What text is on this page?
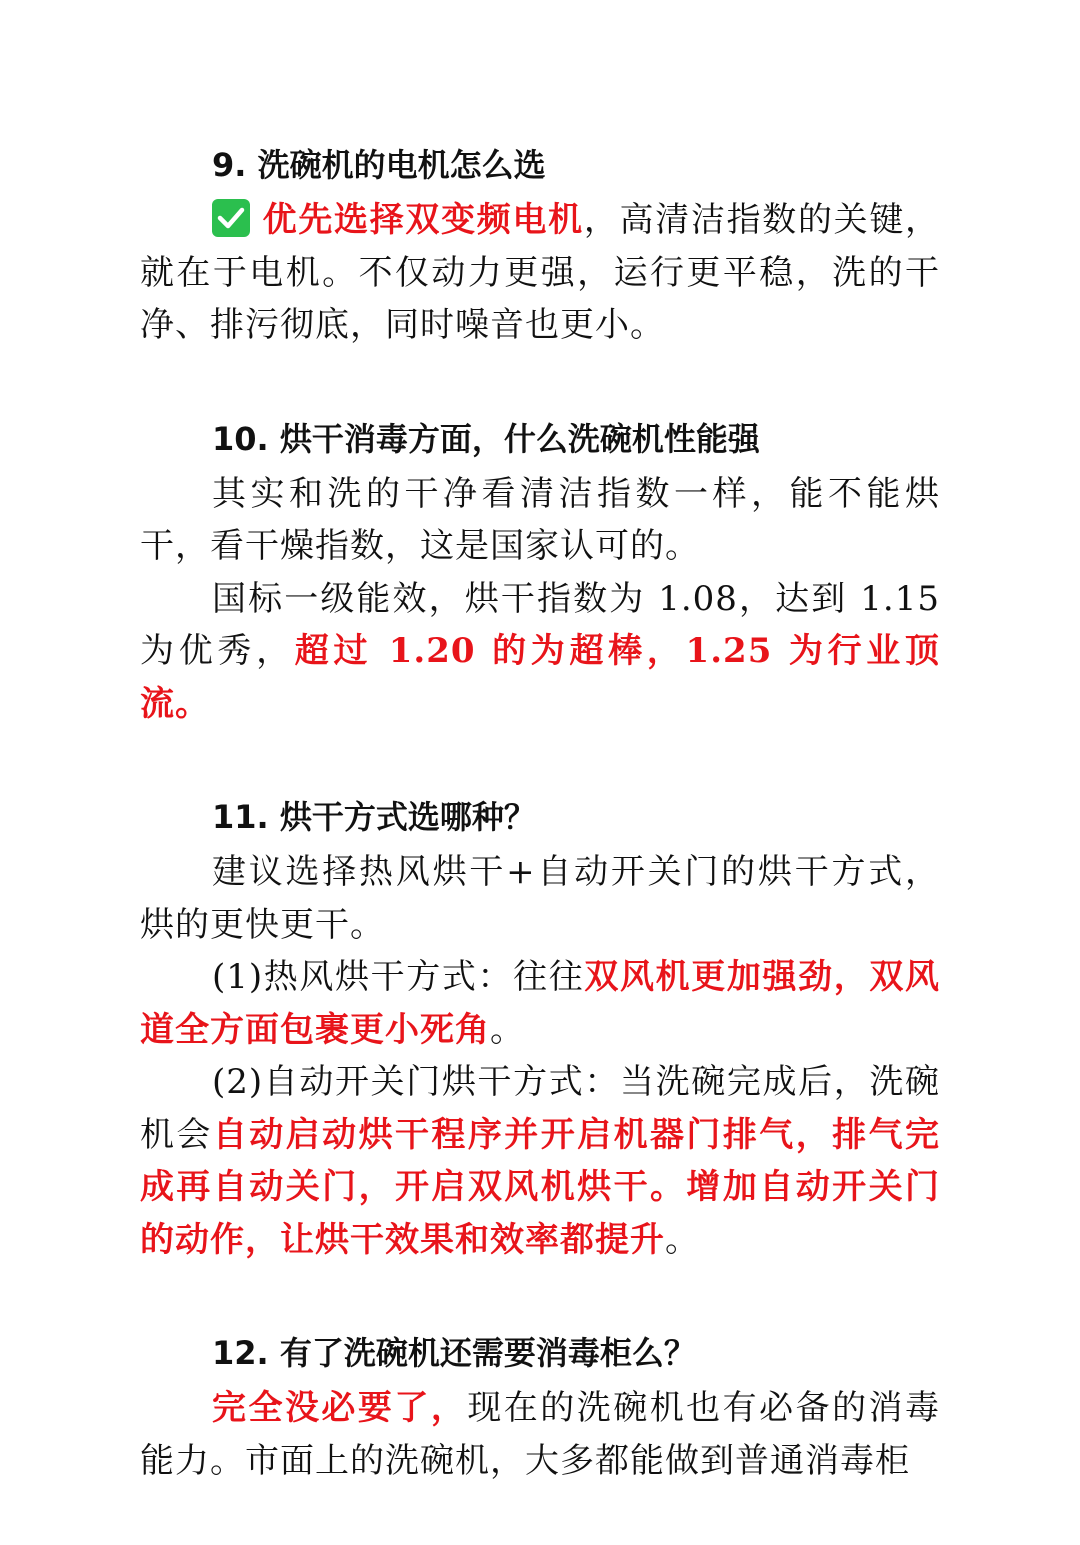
9. 洗碗机的电机怎么选

优先选择双变频电机，高清洁指数的关键，就在于电机。不仅动力更强，运行更平稳，洗的干净、排污彻底，同时噪音也更小。

10. 烘干消毒方面，什么洗碗机性能强

其实和洗的干净看清洁指数一样，能不能烘干，看干燥指数，这是国家认可的。

国标一级能效，烘干指数为 1.08，达到 1.15 为优秀，超过 1.20 的为超棒，1.25 为行业顶流。

11. 烘干方式选哪种？

建议选择热风烘干+自动开关门的烘干方式，烘的更快更干。

(1)热风烘干方式：往往双风机更加强劲，双风道全方面包裹更小死角。

(2)自动开关门烘干方式：当洗碗完成后，洗碗机会自动启动烘干程序并开启机器门排气，排气完成再自动关门，开启双风机烘干。增加自动开关门的动作，让烘干效果和效率都提升。

12. 有了洗碗机还需要消毒柜么？

完全没必要了，现在的洗碗机也有必备的消毒能力。市面上的洗碗机，大多都能做到普通消毒柜
